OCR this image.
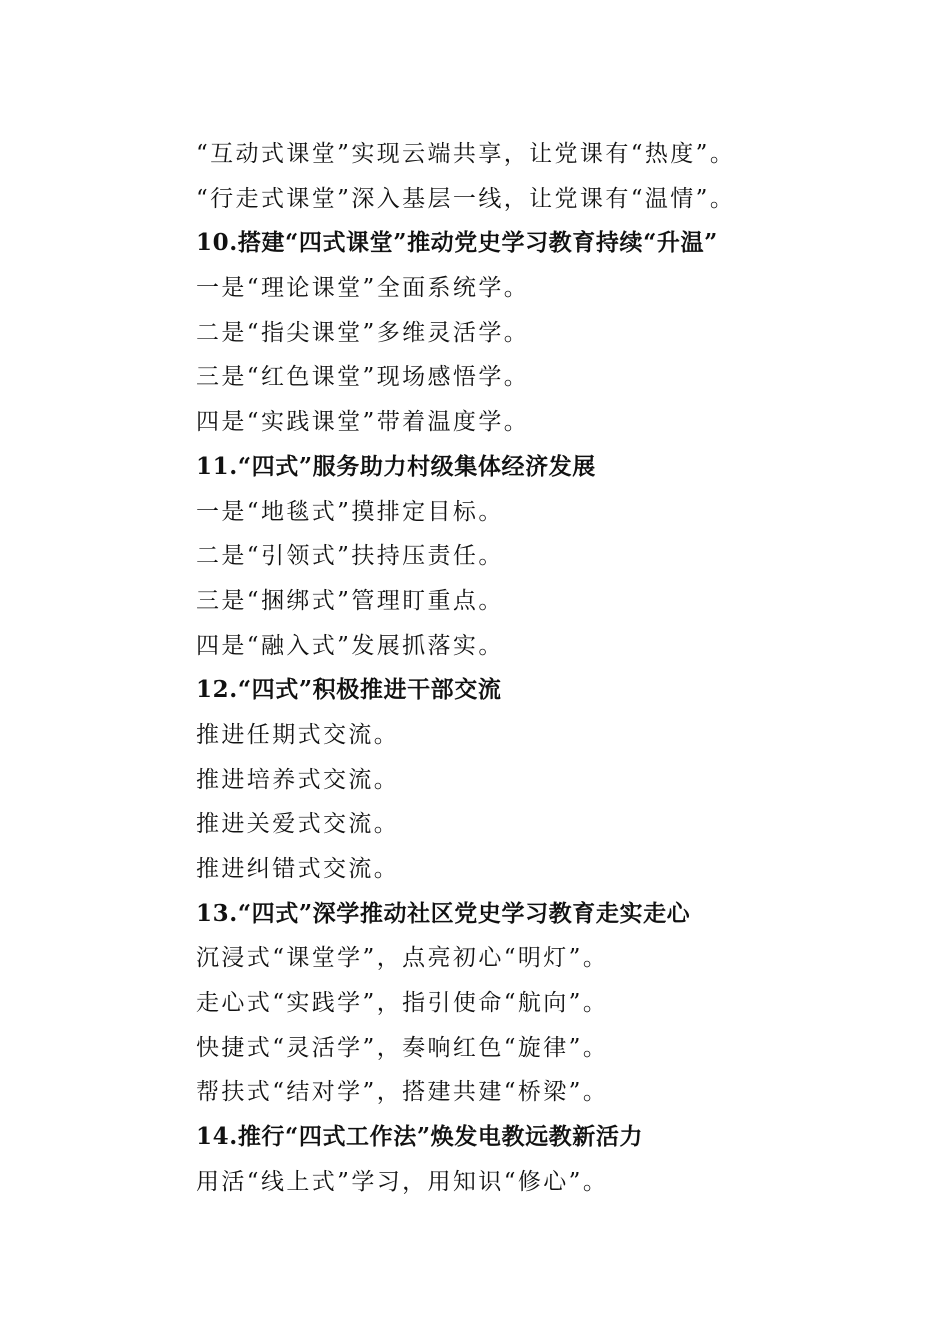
“互动式课堂”实现云端共享，让党课有“热度”。
“行走式课堂”深入基层一线，让党课有“温情”。
10.搭建“四式课堂”推动党史学习教育持续“升温”
一是“理论课堂”全面系统学。
二是“指尖课堂”多维灵活学。
三是“红色课堂”现场感悟学。
四是“实践课堂”带着温度学。
11.“四式”服务助力村级集体经济发展
一是“地毯式”摸排定目标。
二是“引领式”扶持压责任。
三是“捆绑式”管理盯重点。
四是“融入式”发展抓落实。
12.“四式”积极推进干部交流
推进任期式交流。
推进培养式交流。
推进关爱式交流。
推进纠错式交流。
13.“四式”深学推动社区党史学习教育走实走心
沉浸式“课堂学”，点亮初心“明灯”。
走心式“实践学”，指引使命“航向”。
快捷式“灵活学”，奏响红色“旋律”。
帮扶式“结对学”，搭建共建“桥梁”。
14.推行“四式工作法”焕发电教远教新活力
用活“线上式”学习，用知识“修心”。
